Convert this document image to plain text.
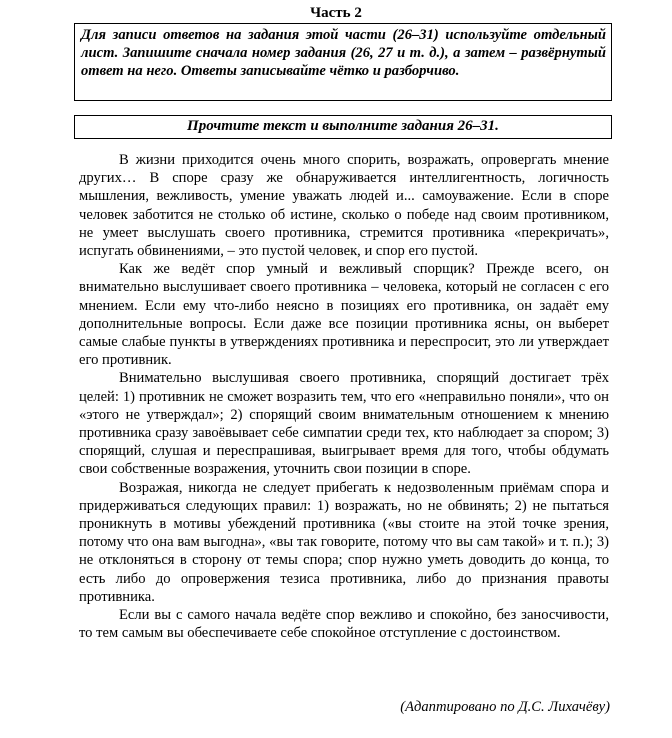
Часть 2
Для записи ответов на задания этой части (26–31) используйте отдельный лист. Запишите сначала номер задания (26, 27 и т. д.), а затем – развёрнутый ответ на него. Ответы записывайте чётко и разборчиво.
Прочтите текст и выполните задания 26–31.

В жизни приходится очень много спорить, возражать, опровергать мнение других… В споре сразу же обнаруживается интеллигентность, логичность мышления, вежливость, умение уважать людей и... самоуважение. Если в споре человек заботится не столько об истине, сколько о победе над своим противником, не умеет выслушать своего противника, стремится противника «перекричать», испугать обвинениями, – это пустой человек, и спор его пустой.

Как же ведёт спор умный и вежливый спорщик? Прежде всего, он внимательно выслушивает своего противника – человека, который не согласен с его мнением. Если ему что-либо неясно в позициях его противника, он задаёт ему дополнительные вопросы. Если даже все позиции противника ясны, он выберет самые слабые пункты в утверждениях противника и переспросит, это ли утверждает его противник.

Внимательно выслушивая своего противника, спорящий достигает трёх целей: 1) противник не сможет возразить тем, что его «неправильно поняли», что он «этого не утверждал»; 2) спорящий своим внимательным отношением к мнению противника сразу завоёвывает себе симпатии среди тех, кто наблюдает за спором; 3) спорящий, слушая и переспрашивая, выигрывает время для того, чтобы обдумать свои собственные возражения, уточнить свои позиции в споре.

Возражая, никогда не следует прибегать к недозволенным приёмам спора и придерживаться следующих правил: 1) возражать, но не обвинять; 2) не пытаться проникнуть в мотивы убеждений противника («вы стоите на этой точке зрения, потому что она вам выгодна», «вы так говорите, потому что вы сам такой» и т. п.); 3) не отклоняться в сторону от темы спора; спор нужно уметь доводить до конца, то есть либо до опровержения тезиса противника, либо до признания правоты противника.

Если вы с самого начала ведёте спор вежливо и спокойно, без заносчивости, то тем самым вы обеспечиваете себе спокойное отступление с достоинством.

(Адаптировано по Д.С. Лихачёву)
